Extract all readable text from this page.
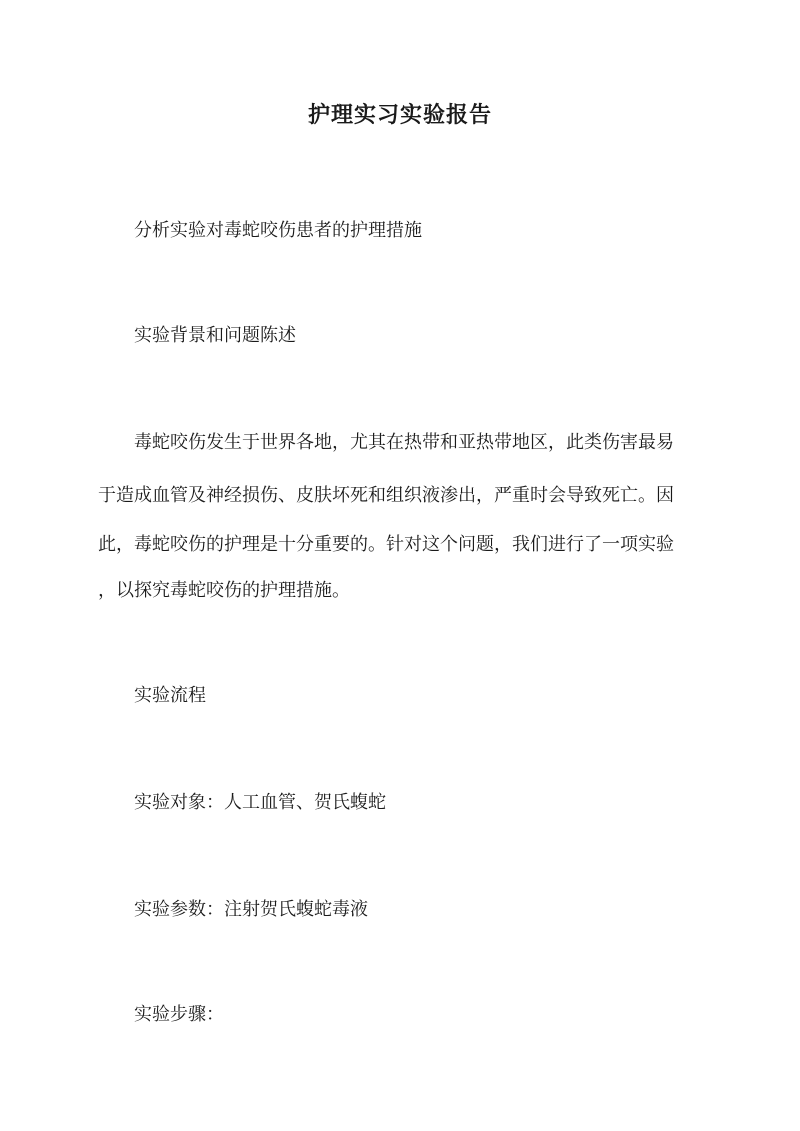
护理实习实验报告

分析实验对毒蛇咬伤患者的护理措施

实验背景和问题陈述

毒蛇咬伤发生于世界各地，尤其在热带和亚热带地区，此类伤害最易

于造成血管及神经损伤、皮肤坏死和组织液渗出，严重时会导致死亡。因

此，毒蛇咬伤的护理是十分重要的。针对这个问题，我们进行了一项实验

，以探究毒蛇咬伤的护理措施。

实验流程

实验对象：人工血管、贺氏蝮蛇

实验参数：注射贺氏蝮蛇毒液

实验步骤：
